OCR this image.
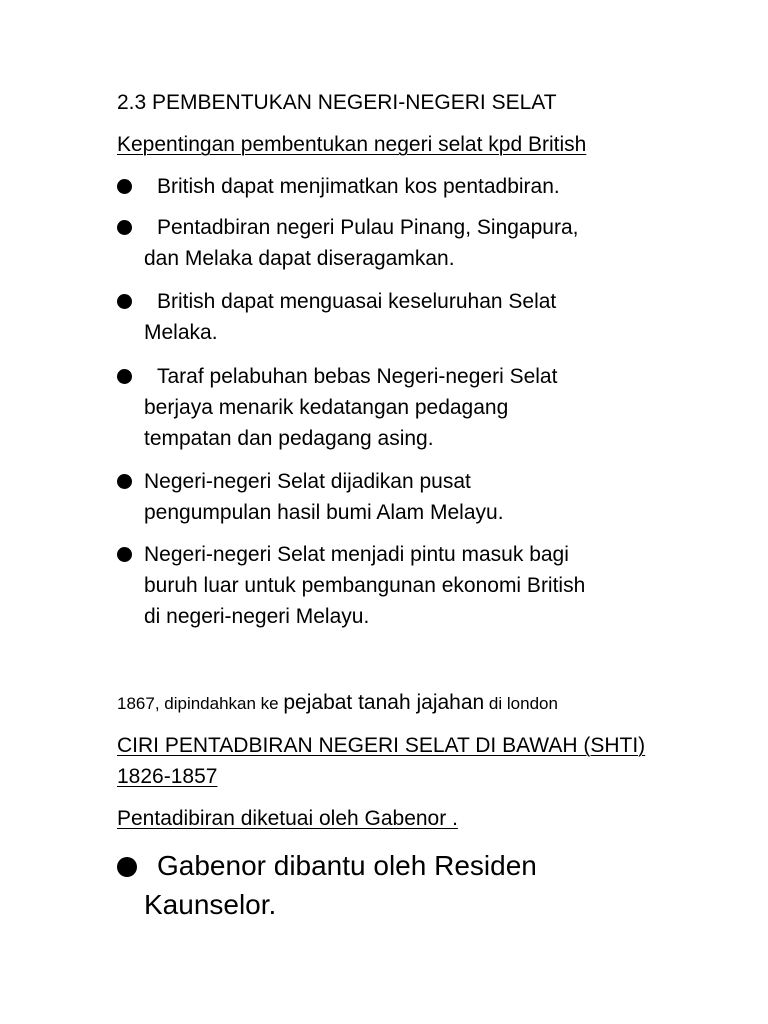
2.3 PEMBENTUKAN NEGERI-NEGERI SELAT
Kepentingan pembentukan negeri selat kpd British
British dapat menjimatkan kos pentadbiran.
Pentadbiran negeri Pulau Pinang, Singapura,
dan Melaka dapat diseragamkan.
British dapat menguasai keseluruhan Selat
Melaka.
Taraf pelabuhan bebas Negeri-negeri Selat
berjaya menarik kedatangan pedagang
tempatan dan pedagang asing.
Negeri-negeri Selat dijadikan pusat
pengumpulan hasil bumi Alam Melayu.
Negeri-negeri Selat menjadi pintu masuk bagi
buruh luar untuk pembangunan ekonomi British
di negeri-negeri Melayu.
1867, dipindahkan ke pejabat tanah jajahan di london
CIRI PENTADBIRAN NEGERI SELAT DI BAWAH (SHTI)
1826-1857
Pentadibiran diketuai oleh Gabenor .
Gabenor dibantu oleh Residen
Kaunselor.
